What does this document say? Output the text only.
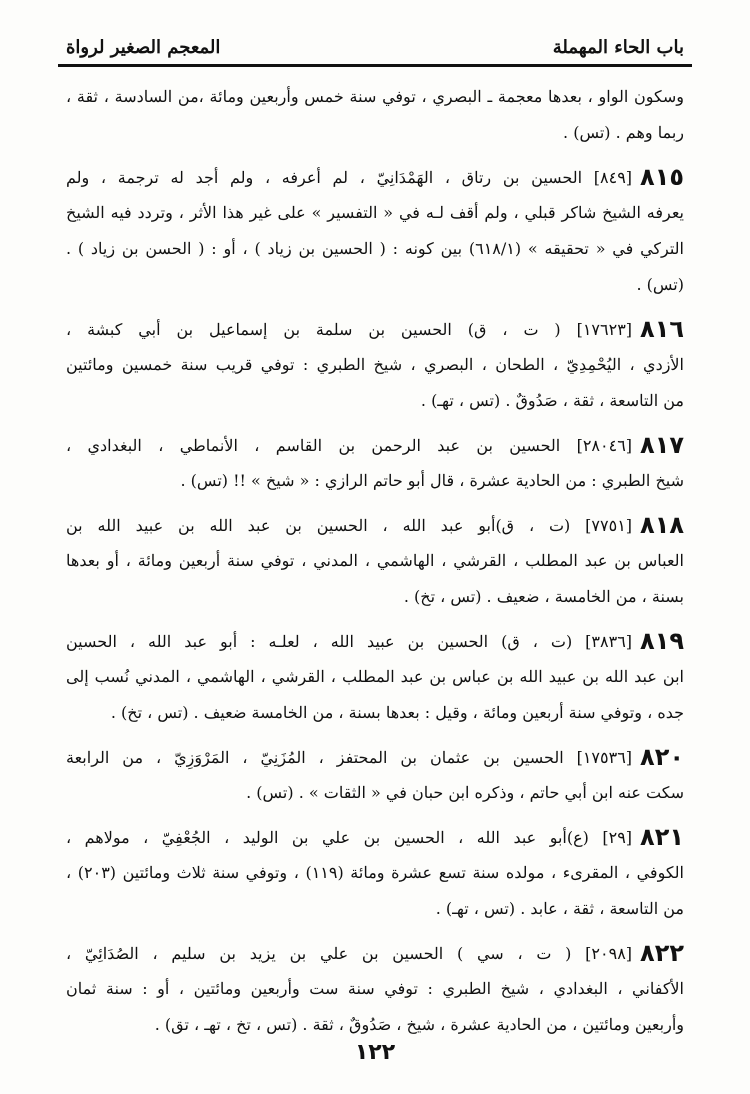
باب الحاء المهملة
المعجم الصغير لرواة
وسكون الواو ، بعدها معجمة ـ البصري ، توفي سنة خمس وأربعين ومائة ،من السادسة ، ثقة ،
ربما وهم . (تس) .
٨١٥[٨٤٩] الحسين بن رتاق ، الهَمْدَانِيّ ، لم أعرفه ، ولم أجد له ترجمة ، ولم
يعرفه الشيخ شاكر قبلي ، ولم أقف لـه في « التفسير » على غير هذا الأثر ، وتردد فيه الشيخ
التركي في « تحقيقه » (٦١٨/١) بين كونه : ( الحسين بن زياد ) ، أو : ( الحسن بن زياد ) .
(تس) .
٨١٦[١٧٦٢٣] ( ت ، ق) الحسين بن سلمة بن إسماعيل بن أبي كبشة ،
الأزدي ، اليُحْمِدِيّ ، الطحان ، البصري ، شيخ الطبري : توفي قريب سنة خمسين ومائتين
من التاسعة ، ثقة ، صَدُوقٌ . (تس ، تهـ) .
٨١٧[٢٨٠٤٦] الحسين بن عبد الرحمن بن القاسم ، الأنماطي ، البغدادي ،
شيخ الطبري : من الحادية عشرة ، قال أبو حاتم الرازي : « شيخ » !! (تس) .
٨١٨[٧٧٥١] (ت ، ق)أبو عبد الله ، الحسين بن عبد الله بن عبيد الله بن
العباس بن عبد المطلب ، القرشي ، الهاشمي ، المدني ، توفي سنة أربعين ومائة ، أو بعدها
بسنة ، من الخامسة ، ضعيف . (تس ، تخ) .
٨١٩[٣٨٣٦] (ت ، ق) الحسين بن عبيد الله ، لعلـه : أبو عبد الله ، الحسين
ابن عبد الله بن عبيد الله بن عباس بن عبد المطلب ، القرشي ، الهاشمي ، المدني نُسب إلى
جده ، وتوفي سنة أربعين ومائة ، وقيل : بعدها بسنة ، من الخامسة ضعيف . (تس ، تخ) .
٨٢٠[١٧٥٣٦] الحسين بن عثمان بن المحتفز ، المُزَنِيّ ، المَرْوَزِيّ ، من الرابعة
سكت عنه ابن أبي حاتم ، وذكره ابن حبان في « الثقات » . (تس) .
٨٢١[٢٩] (ع)أبو عبد الله ، الحسين بن علي بن الوليد ، الجُعْفِيّ ، مولاهم ،
الكوفي ، المقرىء ، مولده سنة تسع عشرة ومائة (١١٩) ، وتوفي سنة ثلاث ومائتين (٢٠٣) ،
من التاسعة ، ثقة ، عابد . (تس ، تهـ) .
٨٢٢[٢٠٩٨] ( ت ، سي ) الحسين بن علي بن يزيد بن سليم ، الصُدَائِيّ ،
الأكفاني ، البغدادي ، شيخ الطبري : توفي سنة ست وأربعين ومائتين ، أو : سنة ثمان
وأربعين ومائتين ، من الحادية عشرة ، شيخ ، صَدُوقٌ ، ثقة . (تس ، تخ ، تهـ ، تق) .
١٢٢
